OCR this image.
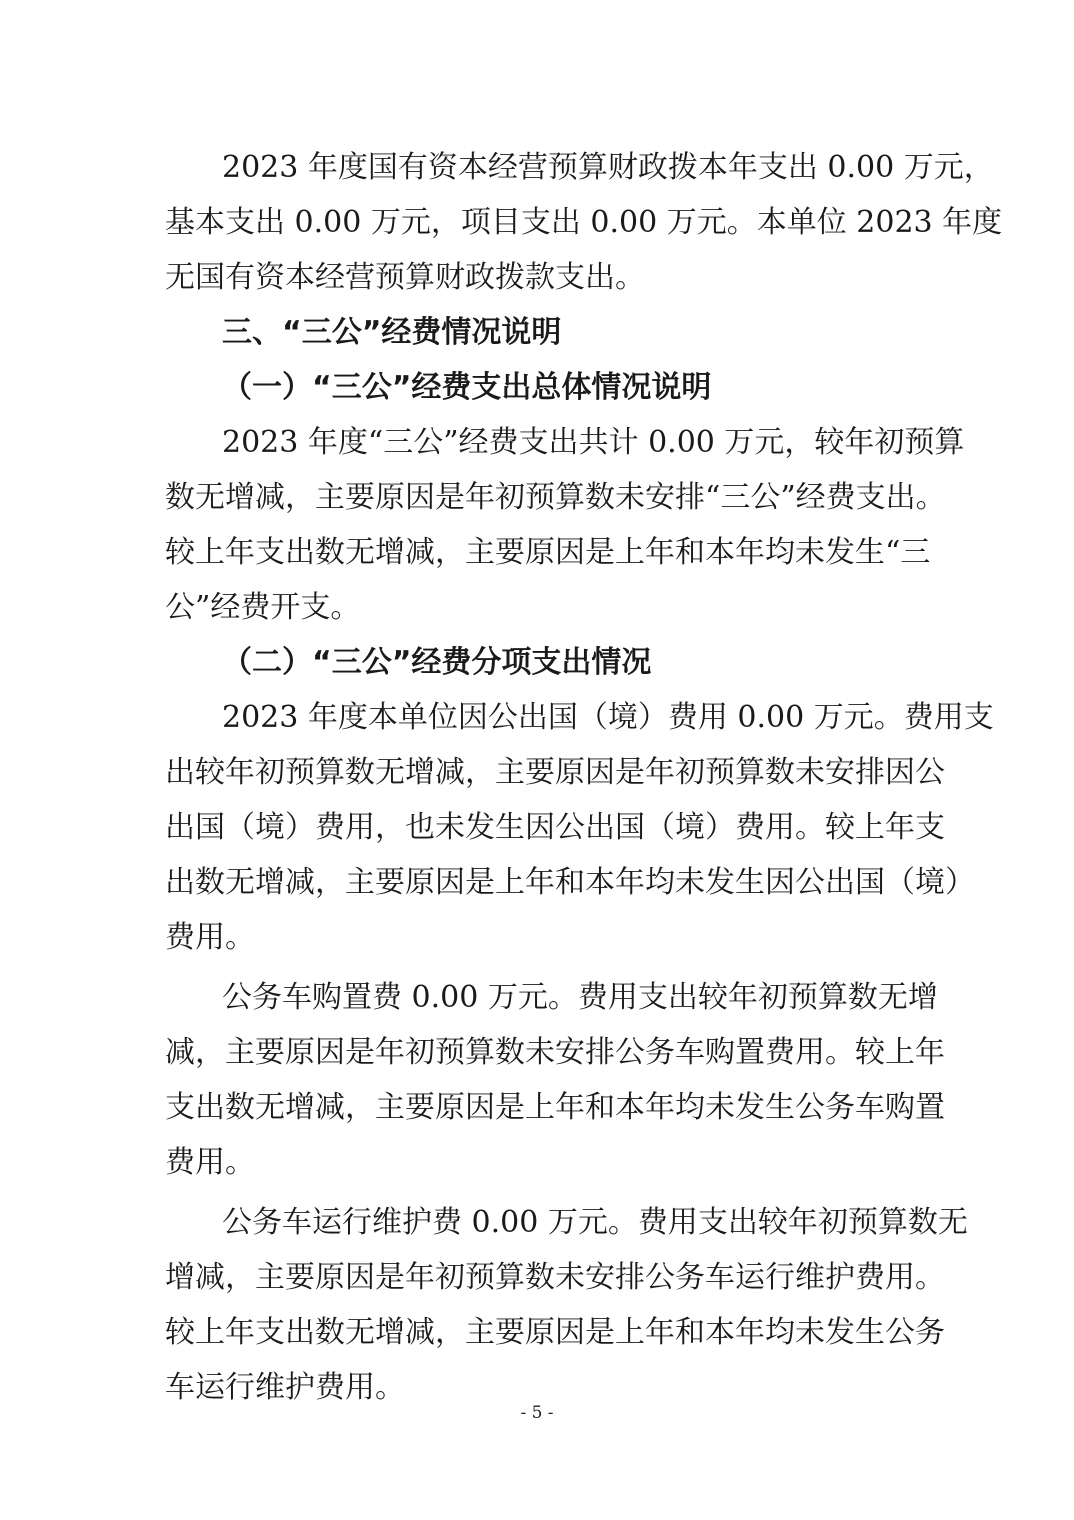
2023 年度国有资本经营预算财政拨本年支出 0.00 万元，
基本支出 0.00 万元，项目支出 0.00 万元。本单位 2023 年度
无国有资本经营预算财政拨款支出。
三、“三公”经费情况说明
（一）“三公”经费支出总体情况说明
2023 年度“三公”经费支出共计 0.00 万元，较年初预算
数无增减，主要原因是年初预算数未安排“三公”经费支出。
较上年支出数无增减，主要原因是上年和本年均未发生“三
公”经费开支。
（二）“三公”经费分项支出情况
2023 年度本单位因公出国（境）费用 0.00 万元。费用支
出较年初预算数无增减，主要原因是年初预算数未安排因公
出国（境）费用，也未发生因公出国（境）费用。较上年支
出数无增减，主要原因是上年和本年均未发生因公出国（境）
费用。
公务车购置费 0.00 万元。费用支出较年初预算数无增
减，主要原因是年初预算数未安排公务车购置费用。较上年
支出数无增减，主要原因是上年和本年均未发生公务车购置
费用。
公务车运行维护费 0.00 万元。费用支出较年初预算数无
增减，主要原因是年初预算数未安排公务车运行维护费用。
较上年支出数无增减，主要原因是上年和本年均未发生公务
车运行维护费用。
- 5 -
